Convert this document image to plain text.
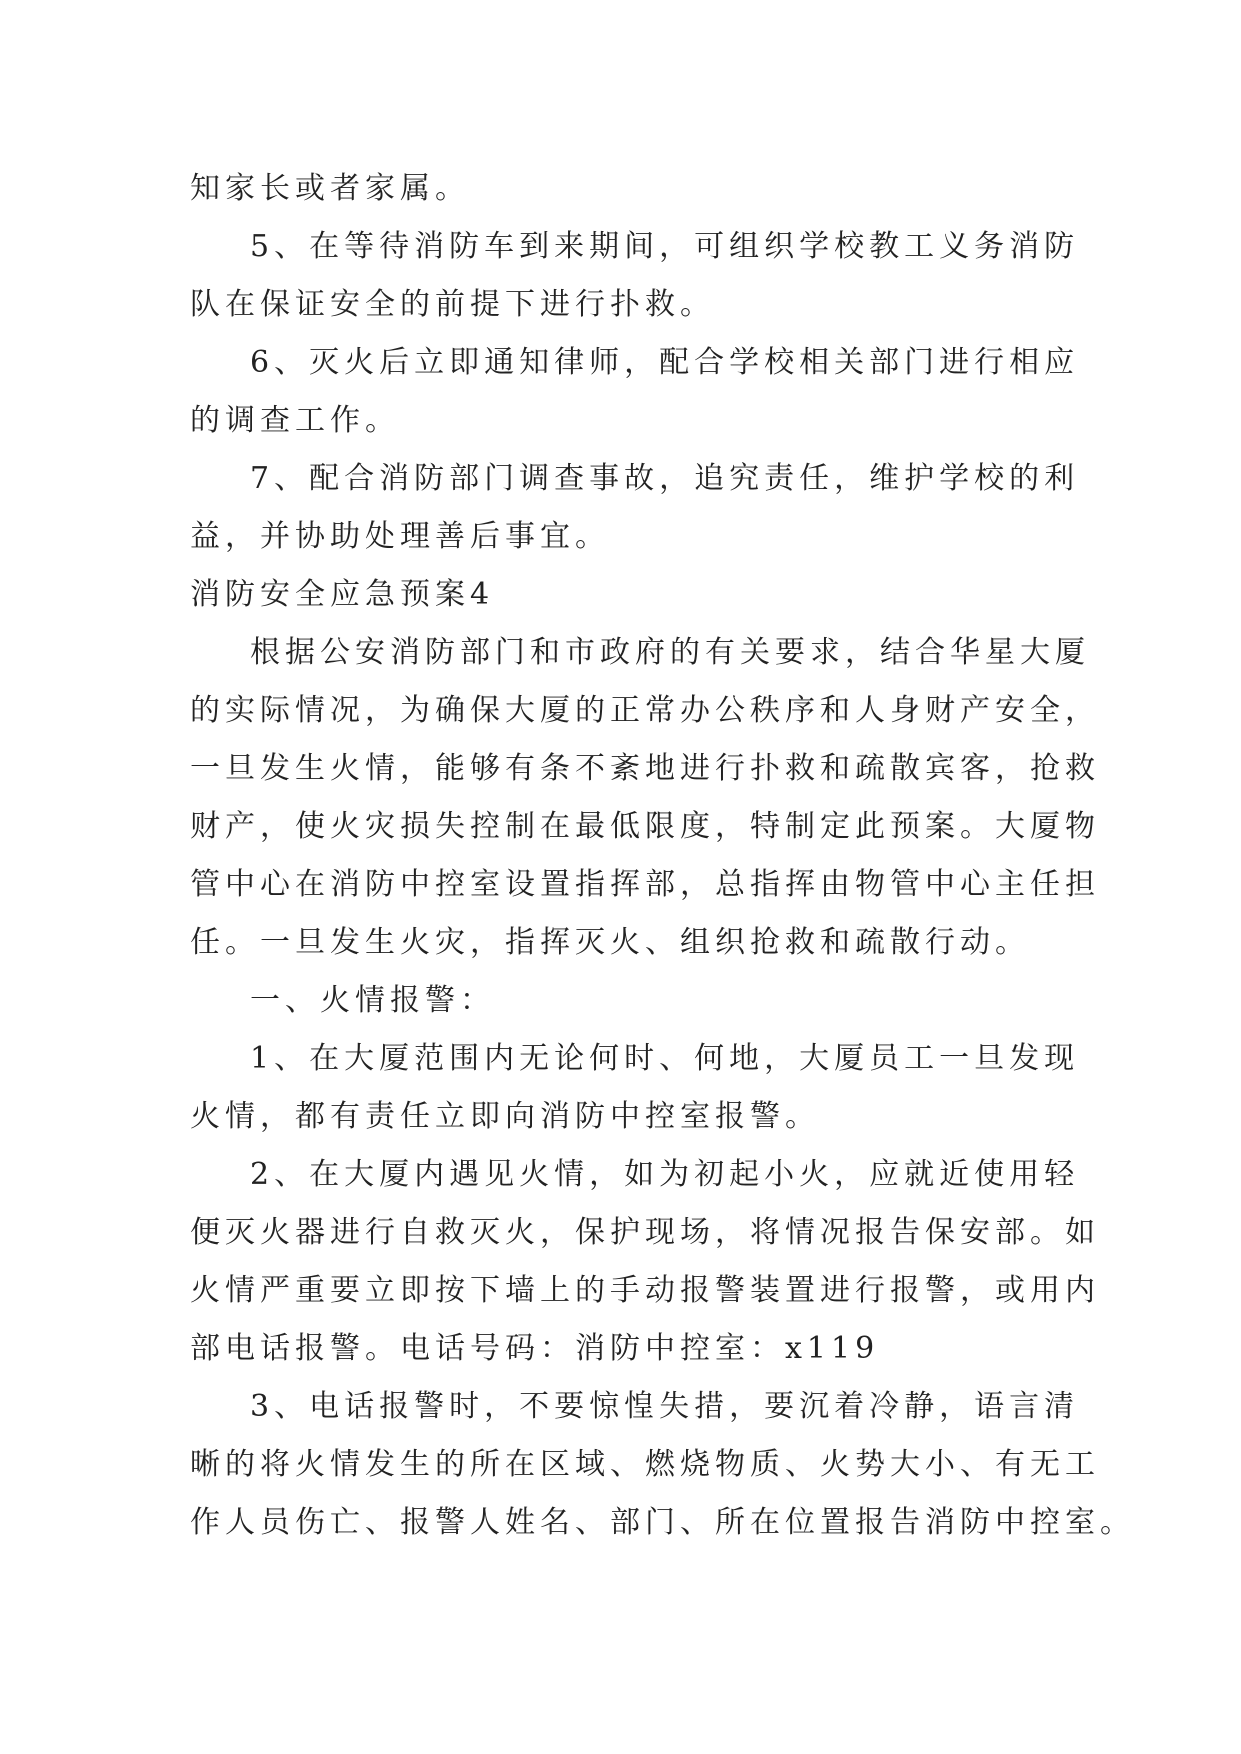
知家长或者家属。
5、在等待消防车到来期间，可组织学校教工义务消防
队在保证安全的前提下进行扑救。
6、灭火后立即通知律师，配合学校相关部门进行相应
的调查工作。
7、配合消防部门调查事故，追究责任，维护学校的利
益，并协助处理善后事宜。
消防安全应急预案4
根据公安消防部门和市政府的有关要求，结合华星大厦
的实际情况，为确保大厦的正常办公秩序和人身财产安全，
一旦发生火情，能够有条不紊地进行扑救和疏散宾客，抢救
财产，使火灾损失控制在最低限度，特制定此预案。大厦物
管中心在消防中控室设置指挥部，总指挥由物管中心主任担
任。一旦发生火灾，指挥灭火、组织抢救和疏散行动。
一、火情报警：
1、在大厦范围内无论何时、何地，大厦员工一旦发现
火情，都有责任立即向消防中控室报警。
2、在大厦内遇见火情，如为初起小火，应就近使用轻
便灭火器进行自救灭火，保护现场，将情况报告保安部。如
火情严重要立即按下墙上的手动报警装置进行报警，或用内
部电话报警。电话号码：消防中控室：x119
3、电话报警时，不要惊惶失措，要沉着冷静，语言清
晰的将火情发生的所在区域、燃烧物质、火势大小、有无工
作人员伤亡、报警人姓名、部门、所在位置报告消防中控室。
